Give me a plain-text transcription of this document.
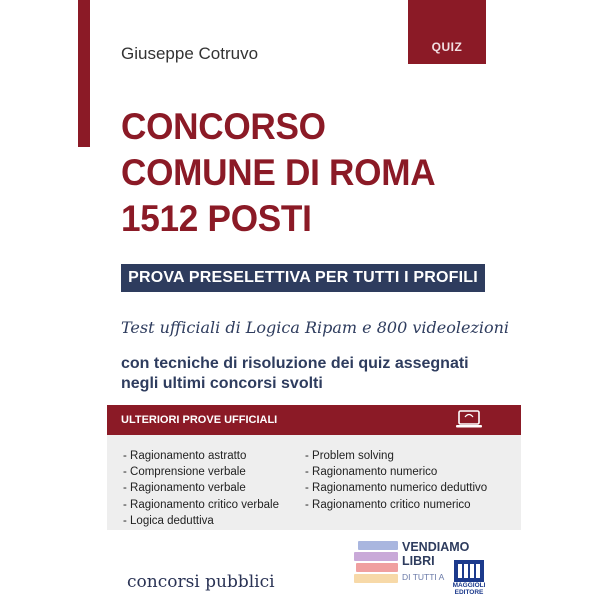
QUIZ
Giuseppe Cotruvo
CONCORSO
COMUNE DI ROMA
1512 POSTI
PROVA PRESELETTIVA PER TUTTI I PROFILI
Test ufficiali di Logica Ripam e 800 videolezioni
con tecniche di risoluzione dei quiz assegnati
negli ultimi concorsi svolti
ULTERIORI PROVE UFFICIALI
- Ragionamento astratto
- Comprensione verbale
- Ragionamento verbale
- Ragionamento critico verbale
- Logica deduttiva
- Problem solving
- Ragionamento numerico
- Ragionamento numerico deduttivo
- Ragionamento critico numerico
concorsi pubblici
VENDIAMO
LIBRI
DI TUTTI A
MAGGIOLI
EDITORE
